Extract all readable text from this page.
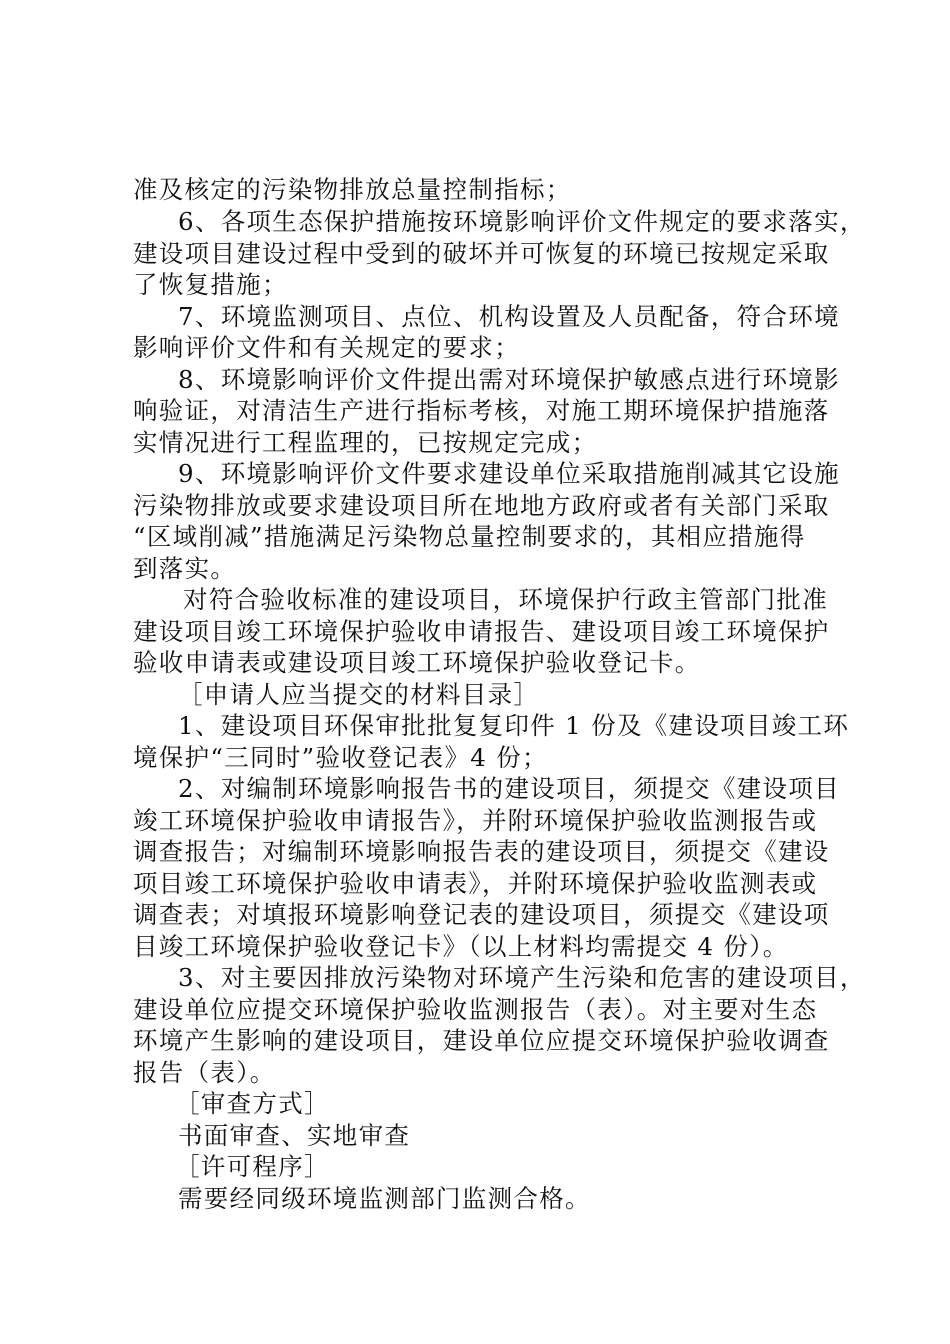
准及核定的污染物排放总量控制指标；
6、各项生态保护措施按环境影响评价文件规定的要求落实，
建设项目建设过程中受到的破坏并可恢复的环境已按规定采取
了恢复措施；
7、环境监测项目、点位、机构设置及人员配备，符合环境
影响评价文件和有关规定的要求；
8、环境影响评价文件提出需对环境保护敏感点进行环境影
响验证，对清洁生产进行指标考核，对施工期环境保护措施落
实情况进行工程监理的，已按规定完成；
9、环境影响评价文件要求建设单位采取措施削减其它设施
污染物排放或要求建设项目所在地地方政府或者有关部门采取
“区域削减”措施满足污染物总量控制要求的，其相应措施得
到落实。
对符合验收标准的建设项目，环境保护行政主管部门批准
建设项目竣工环境保护验收申请报告、建设项目竣工环境保护
验收申请表或建设项目竣工环境保护验收登记卡。
［申请人应当提交的材料目录］
1、建设项目环保审批批复复印件 1 份及《建设项目竣工环
境保护“三同时”验收登记表》4 份；
2、对编制环境影响报告书的建设项目，须提交《建设项目
竣工环境保护验收申请报告》，并附环境保护验收监测报告或
调查报告；对编制环境影响报告表的建设项目，须提交《建设
项目竣工环境保护验收申请表》，并附环境保护验收监测表或
调查表；对填报环境影响登记表的建设项目，须提交《建设项
目竣工环境保护验收登记卡》（以上材料均需提交 4 份）。
3、对主要因排放污染物对环境产生污染和危害的建设项目，
建设单位应提交环境保护验收监测报告（表）。对主要对生态
环境产生影响的建设项目，建设单位应提交环境保护验收调查
报告（表）。
［审查方式］
书面审查、实地审查
［许可程序］
需要经同级环境监测部门监测合格。
